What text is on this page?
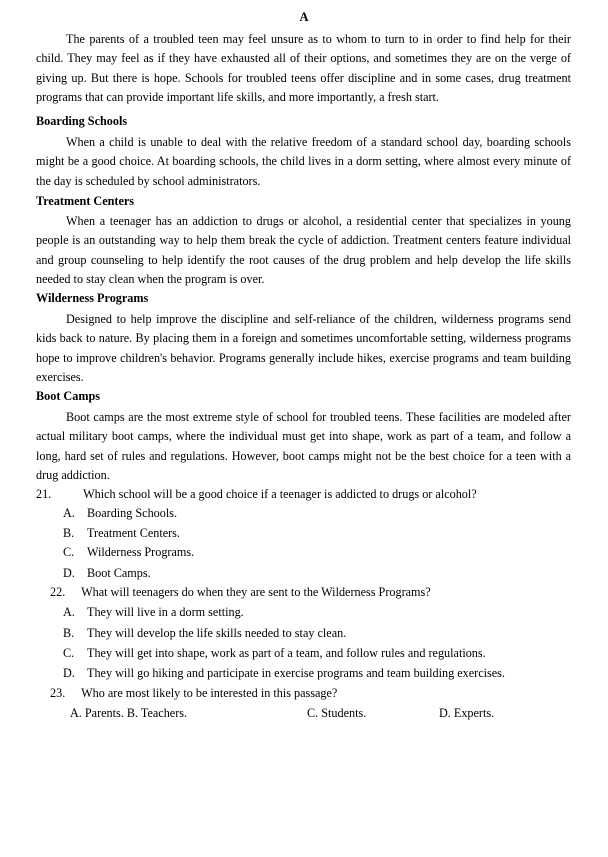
A
The parents of a troubled teen may feel unsure as to whom to turn to in order to find help for their child. They may feel as if they have exhausted all of their options, and sometimes they are on the verge of giving up. But there is hope. Schools for troubled teens offer discipline and in some cases, drug treatment programs that can provide important life skills, and more importantly, a fresh start.
Boarding Schools
When a child is unable to deal with the relative freedom of a standard school day, boarding schools might be a good choice. At boarding schools, the child lives in a dorm setting, where almost every minute of the day is scheduled by school administrators.
Treatment Centers
When a teenager has an addiction to drugs or alcohol, a residential center that specializes in young people is an outstanding way to help them break the cycle of addiction. Treatment centers feature individual and group counseling to help identify the root causes of the drug problem and help develop the life skills needed to stay clean when the program is over.
Wilderness Programs
Designed to help improve the discipline and self-reliance of the children, wilderness programs send kids back to nature. By placing them in a foreign and sometimes uncomfortable setting, wilderness programs hope to improve children's behavior. Programs generally include hikes, exercise programs and team building exercises.
Boot Camps
Boot camps are the most extreme style of school for troubled teens. These facilities are modeled after actual military boot camps, where the individual must get into shape, work as part of a team, and follow a long, hard set of rules and regulations. However, boot camps might not be the best choice for a teen with a drug addiction.
21.	Which school will be a good choice if a teenager is addicted to drugs or alcohol?
A. Boarding Schools.
B. Treatment Centers.
C. Wilderness Programs.
D. Boot Camps.
22. What will teenagers do when they are sent to the Wilderness Programs?
A. They will live in a dorm setting.
B. They will develop the life skills needed to stay clean.
C. They will get into shape, work as part of a team, and follow rules and regulations.
D. They will go hiking and participate in exercise programs and team building exercises.
23. Who are most likely to be interested in this passage?
A. Parents. B. Teachers.	C. Students.	D. Experts.
